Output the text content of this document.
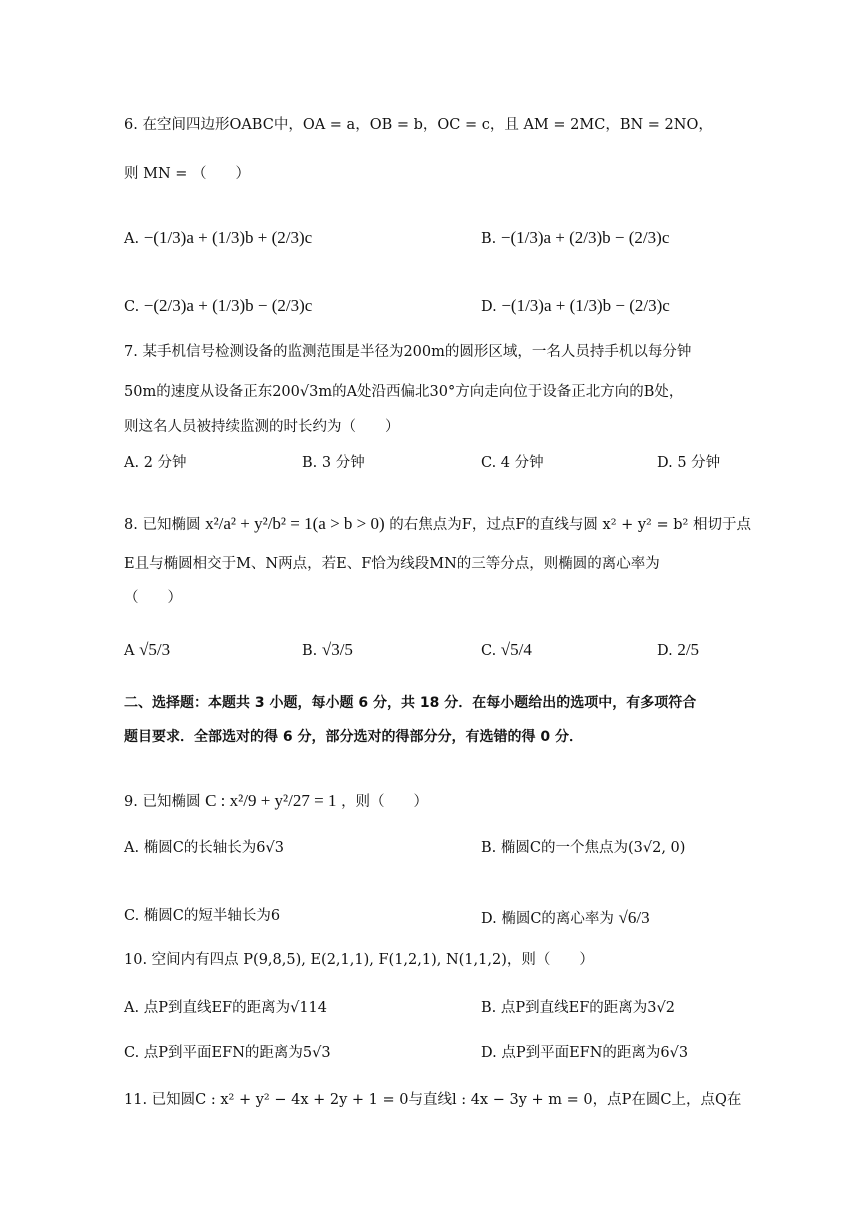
6. 在空间四边形OABC中，OA = a，OB = b，OC = c，且 AM = 2MC，BN = 2NO，
则 MN = （　　）
A. −(1/3)a + (1/3)b + (2/3)c	B. −(1/3)a + (2/3)b − (2/3)c
C. −(2/3)a + (1/3)b − (2/3)c	D. −(1/3)a + (1/3)b − (2/3)c
7. 某手机信号检测设备的监测范围是半径为200m的圆形区域，一名人员持手机以每分钟
50m的速度从设备正东200√3m的A处沿西偏北30°方向走向位于设备正北方向的B处，
则这名人员被持续监测的时长约为（　　）
A. 2 分钟	B. 3 分钟	C. 4 分钟	D. 5 分钟
8. 已知椭圆 x²/a² + y²/b² = 1(a > b > 0) 的右焦点为F，过点F的直线与圆 x² + y² = b² 相切于点
E且与椭圆相交于M、N两点，若E、F恰为线段MN的三等分点，则椭圆的离心率为
（　　）
A √5/3	B. √3/5	C. √5/4	D. 2/5
二、选择题：本题共 3 小题，每小题 6 分，共 18 分．在每小题给出的选项中，有多项符合
题目要求．全部选对的得 6 分，部分选对的得部分分，有选错的得 0 分．
9. 已知椭圆 C : x²/9 + y²/27 = 1 ，则（　　）
A. 椭圆C的长轴长为6√3	B. 椭圆C的一个焦点为(3√2, 0)
C. 椭圆C的短半轴长为6	D. 椭圆C的离心率为 √6/3
10. 空间内有四点 P(9,8,5), E(2,1,1), F(1,2,1), N(1,1,2)，则（　　）
A. 点P到直线EF的距离为√114	B. 点P到直线EF的距离为3√2
C. 点P到平面EFN的距离为5√3	D. 点P到平面EFN的距离为6√3
11. 已知圆C : x² + y² − 4x + 2y + 1 = 0与直线l : 4x − 3y + m = 0，点P在圆C上，点Q在
